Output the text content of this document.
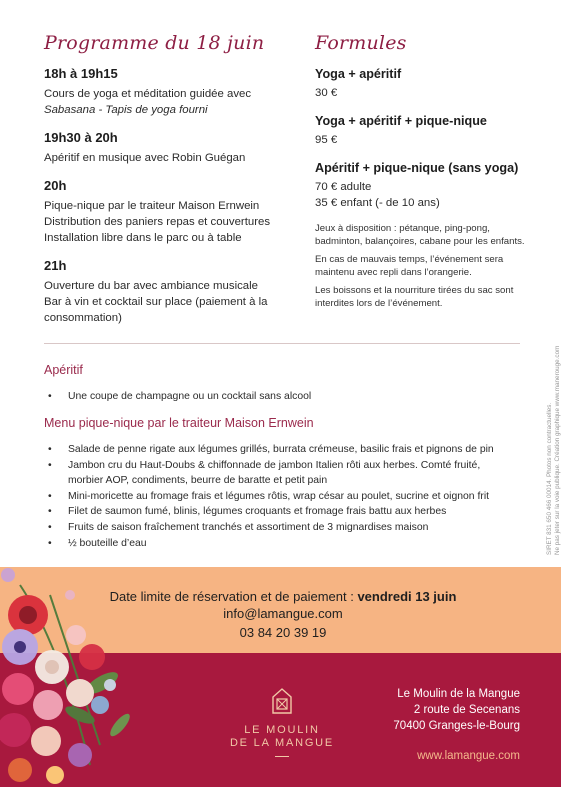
Programme du 18 juin
18h à 19h15
Cours de yoga et méditation guidée avec
Sabasana - Tapis de yoga fourni
19h30 à 20h
Apéritif en musique avec Robin Guégan
20h
Pique-nique par le traiteur Maison Ernwein
Distribution des paniers repas et couvertures
Installation libre dans le parc ou à table
21h
Ouverture du bar avec ambiance musicale
Bar à vin et cocktail sur place (paiement à la
consommation)
Formules
Yoga + apéritif
30 €
Yoga + apéritif + pique-nique
95 €
Apéritif + pique-nique (sans yoga)
70 € adulte
35 € enfant (- de 10 ans)
Jeux à disposition : pétanque, ping-pong, badminton, balançoires, cabane pour les enfants.
En cas de mauvais temps, l’événement sera maintenu avec repli dans l’orangerie.
Les boissons et la nourriture tirées du sac sont interdites lors de l’événement.
Apéritif
• Une coupe de champagne ou un cocktail sans alcool
Menu pique-nique par le traiteur Maison Ernwein
• Salade de penne rigate aux légumes grillés, burrata crémeuse, basilic frais et pignons de pin
• Jambon cru du Haut-Doubs & chiffonnade de jambon Italien rôti aux herbes. Comté fruité, morbier AOP, condiments, beurre de baratte et petit pain
• Mini-moricette au fromage frais et légumes rôtis, wrap césar au poulet, sucrine et oignon frit
• Filet de saumon fumé, blinis, légumes croquants et fromage frais battu aux herbes
• Fruits de saison fraîchement tranchés et assortiment de 3 mignardises maison
• ½ bouteille d’eau	SIRET 831 650 466 00014. Photos non contractuelles. Ne pas jeter sur la voie publique. Création graphique www.manerouge.com
Date limite de réservation et de paiement : vendredi 13 juin
info@lamangue.com
03 84 20 39 19
LE MOULIN
DE LA MANGUE
Le Moulin de la Mangue
2 route de Secenans
70400 Granges-le-Bourg
www.lamangue.com
